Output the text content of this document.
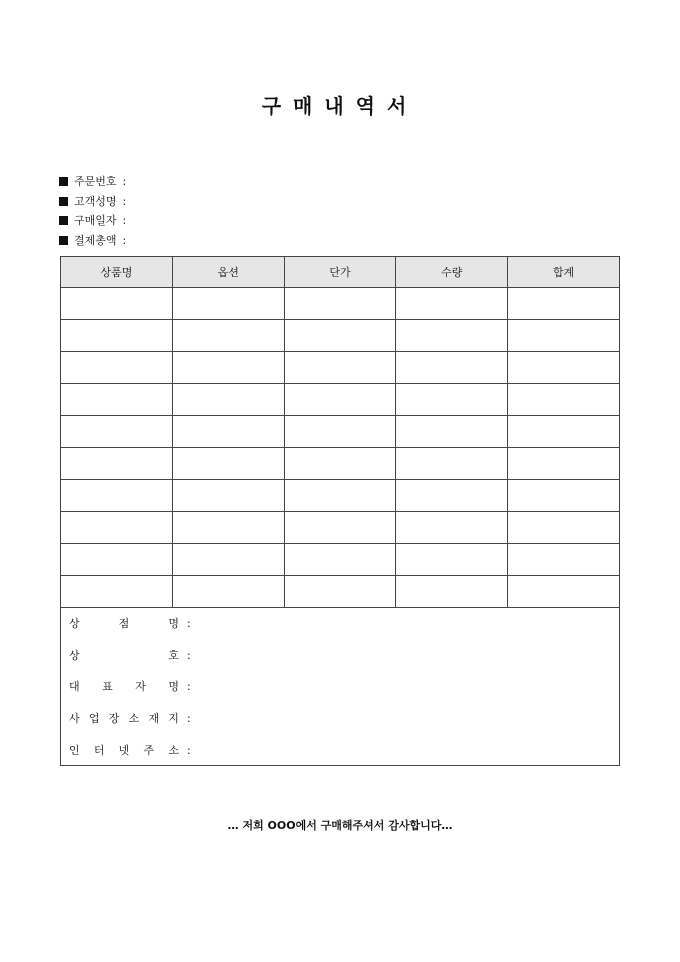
구매내역서
주문번호 :
고객성명 :
구매일자 :
결제총액 :
상품명	옵션	단가	수량	합계

상	점	명 :
상	호 :
대 표 자 명 :
사 업 장 소 재 지 :
인 터 넷 주 소 :
… 저희 OOO에서 구매해주셔서 감사합니다…
